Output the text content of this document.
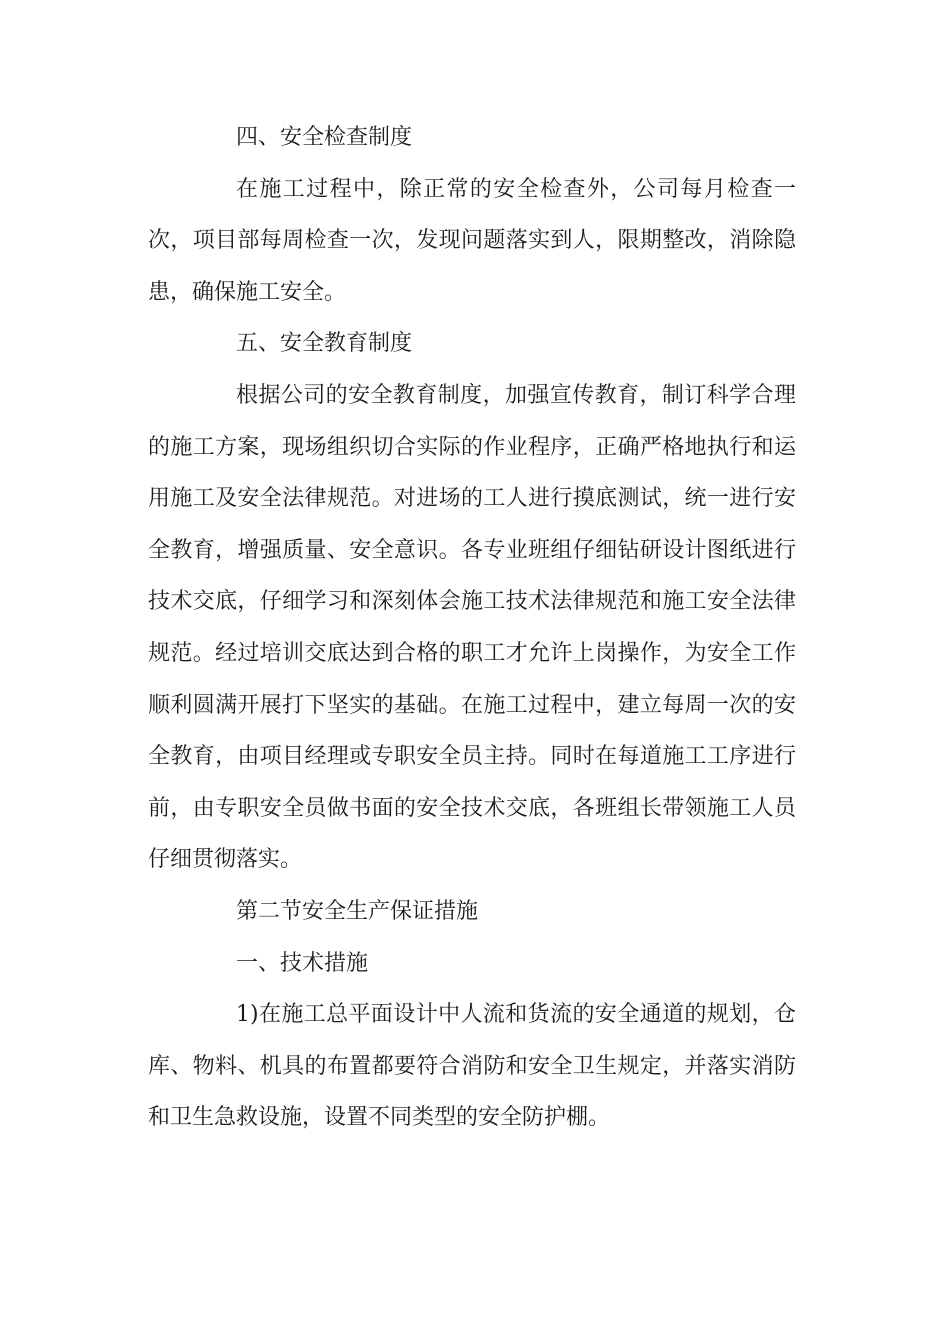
四、安全检查制度
在施工过程中，除正常的安全检查外，公司每月检查一
次，项目部每周检查一次，发现问题落实到人，限期整改，消除隐
患，确保施工安全。
五、安全教育制度
根据公司的安全教育制度，加强宣传教育，制订科学合理
的施工方案，现场组织切合实际的作业程序，正确严格地执行和运
用施工及安全法律规范。对进场的工人进行摸底测试，统一进行安
全教育，增强质量、安全意识。各专业班组仔细钻研设计图纸进行
技术交底，仔细学习和深刻体会施工技术法律规范和施工安全法律
规范。经过培训交底达到合格的职工才允许上岗操作，为安全工作
顺利圆满开展打下坚实的基础。在施工过程中，建立每周一次的安
全教育，由项目经理或专职安全员主持。同时在每道施工工序进行
前，由专职安全员做书面的安全技术交底，各班组长带领施工人员
仔细贯彻落实。
第二节安全生产保证措施
一、技术措施
1)在施工总平面设计中人流和货流的安全通道的规划，仓
库、物料、机具的布置都要符合消防和安全卫生规定，并落实消防
和卫生急救设施，设置不同类型的安全防护棚。
